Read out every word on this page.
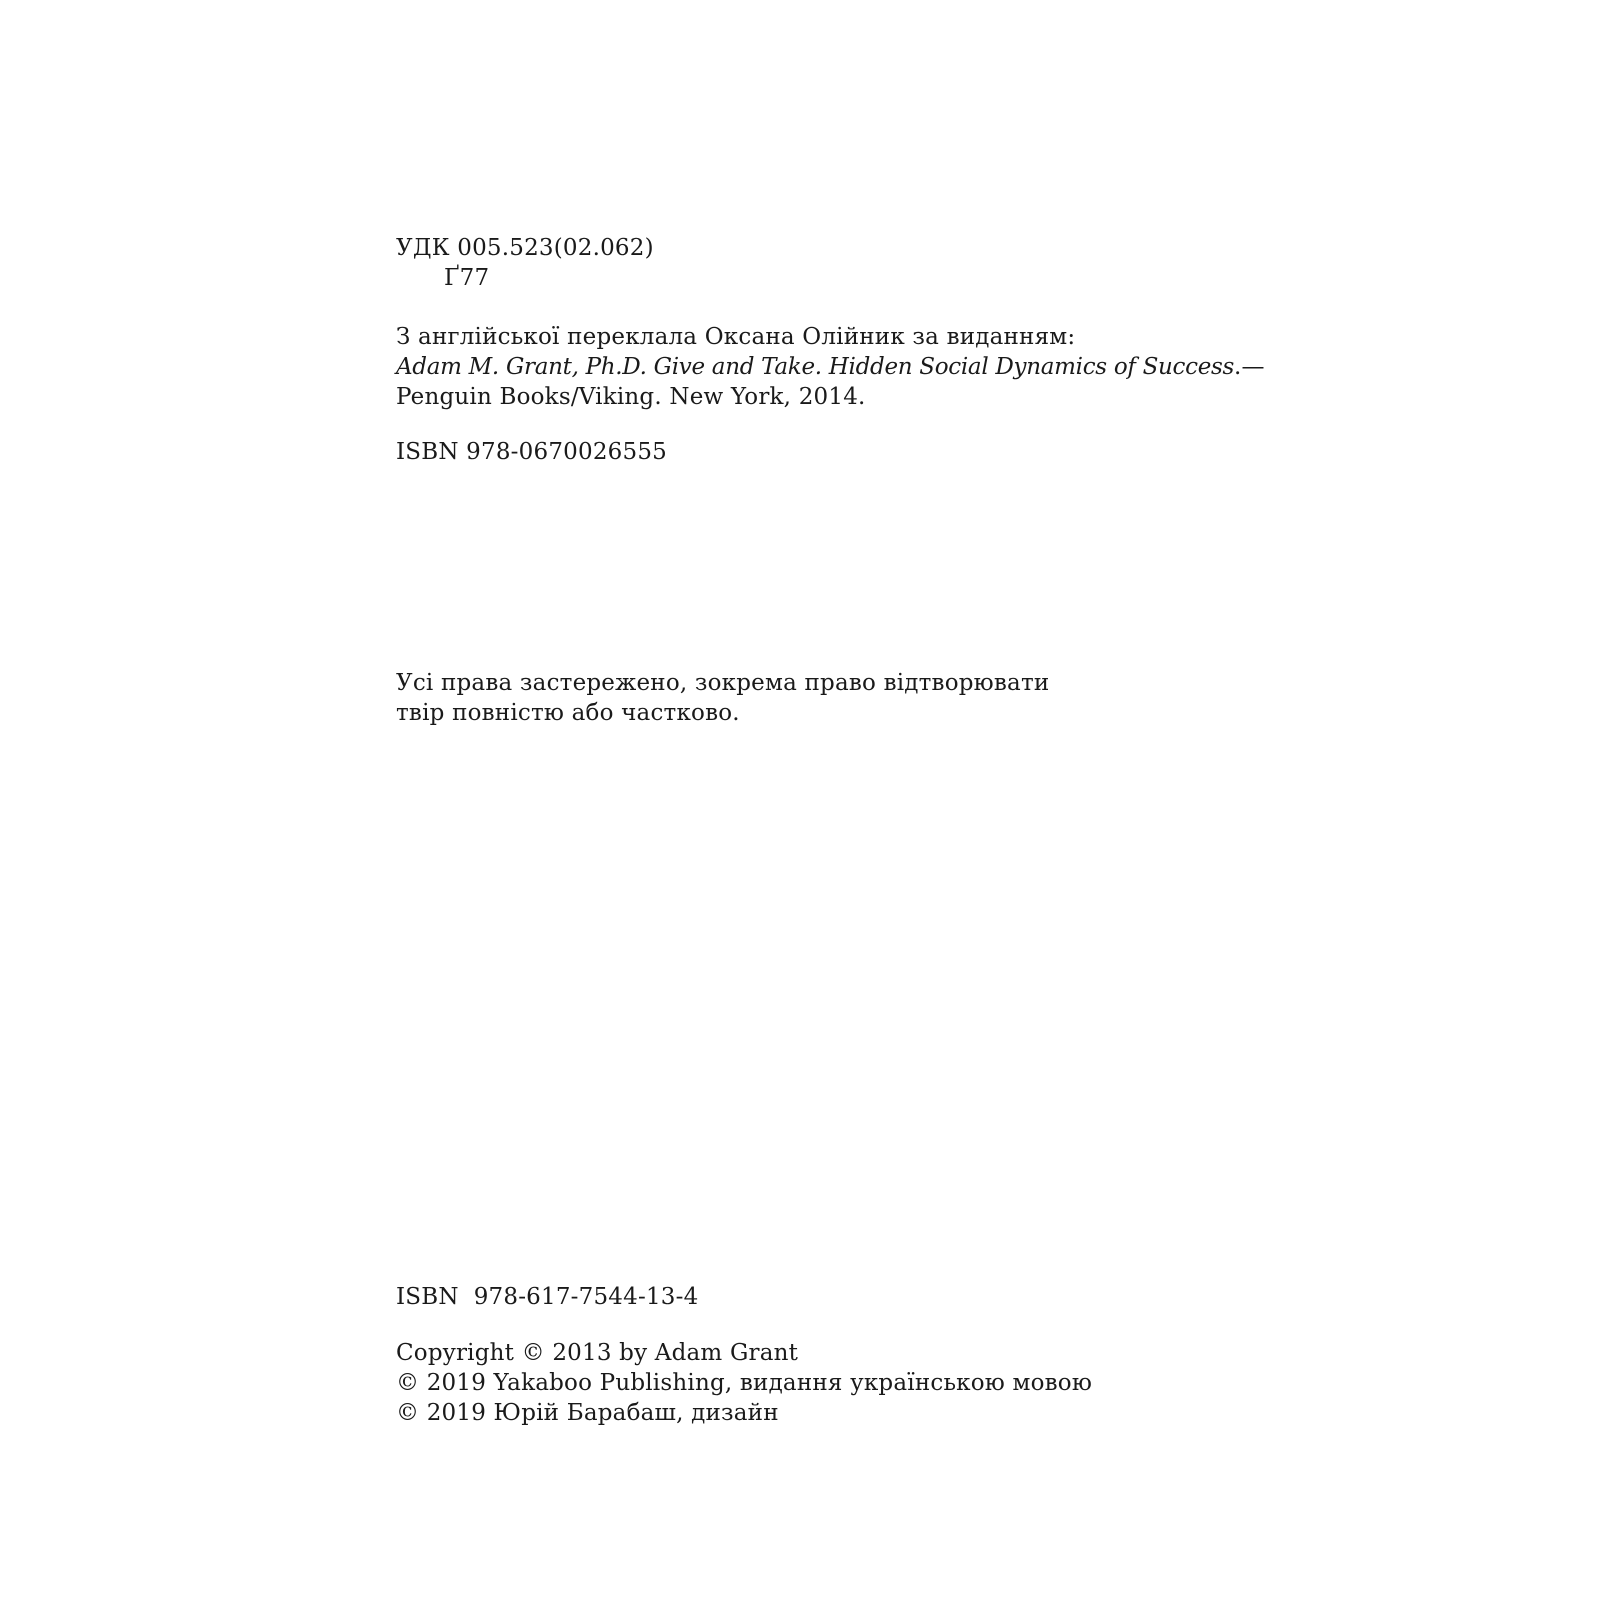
УДК 005.523(02.062)
Ґ77
З англійської переклала Оксана Олійник за виданням:
Adam M. Grant, Ph.D. Give and Take. Hidden Social Dynamics of Success.—
Penguin Books/Viking. New York, 2014.
ISBN 978-0670026555
Усі права застережено, зокрема право відтворювати
твір повністю або частково.
ISBN  978-617-7544-13-4
Copyright © 2013 by Adam Grant
© 2019 Yakaboo Publishing, видання українською мовою
© 2019 Юрій Барабаш, дизайн
